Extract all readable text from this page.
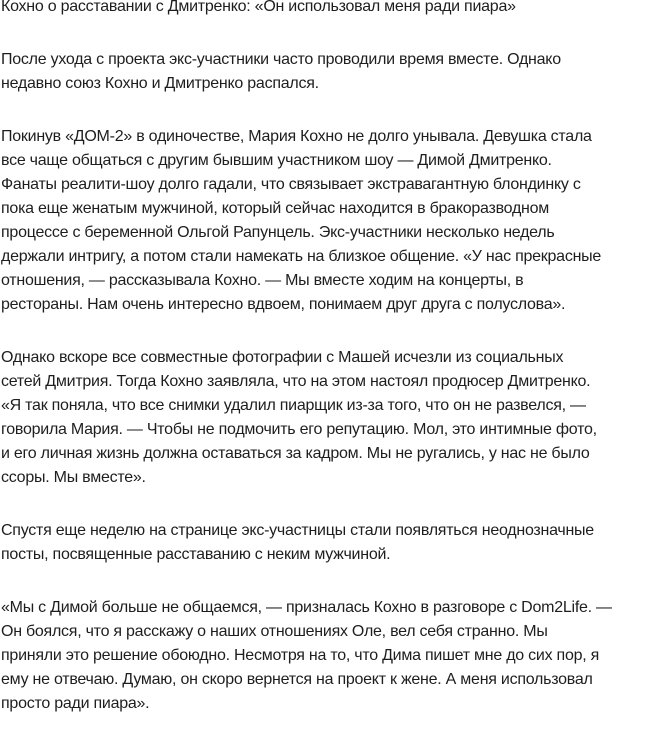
Кохно о расставании с Дмитренко: «Он использовал меня ради пиара»

После ухода с проекта экс-участники часто проводили время вместе. Однако
недавно союз Кохно и Дмитренко распался.

Покинув «ДОМ-2» в одиночестве, Мария Кохно не долго унывала. Девушка стала
все чаще общаться с другим бывшим участником шоу — Димой Дмитренко.
Фанаты реалити-шоу долго гадали, что связывает экстравагантную блондинку с
пока еще женатым мужчиной, который сейчас находится в бракоразводном
процессе с беременной Ольгой Рапунцель. Экс-участники несколько недель
держали интригу, а потом стали намекать на близкое общение. «У нас прекрасные
отношения, — рассказывала Кохно. — Мы вместе ходим на концерты, в
рестораны. Нам очень интересно вдвоем, понимаем друг друга с полуслова».

Однако вскоре все совместные фотографии с Машей исчезли из социальных
сетей Дмитрия. Тогда Кохно заявляла, что на этом настоял продюсер Дмитренко.
«Я так поняла, что все снимки удалил пиарщик из-за того, что он не развелся, —
говорила Мария. — Чтобы не подмочить его репутацию. Мол, это интимные фото,
и его личная жизнь должна оставаться за кадром. Мы не ругались, у нас не было
ссоры. Мы вместе».

Спустя еще неделю на странице экс-участницы стали появляться неоднозначные
посты, посвященные расставанию с неким мужчиной.

«Мы с Димой больше не общаемся, — призналась Кохно в разговоре с Dom2Life. —
Он боялся, что я расскажу о наших отношениях Оле, вел себя странно. Мы
приняли это решение обоюдно. Несмотря на то, что Дима пишет мне до сих пор, я
ему не отвечаю. Думаю, он скоро вернется на проект к жене. А меня использовал
просто ради пиара».
